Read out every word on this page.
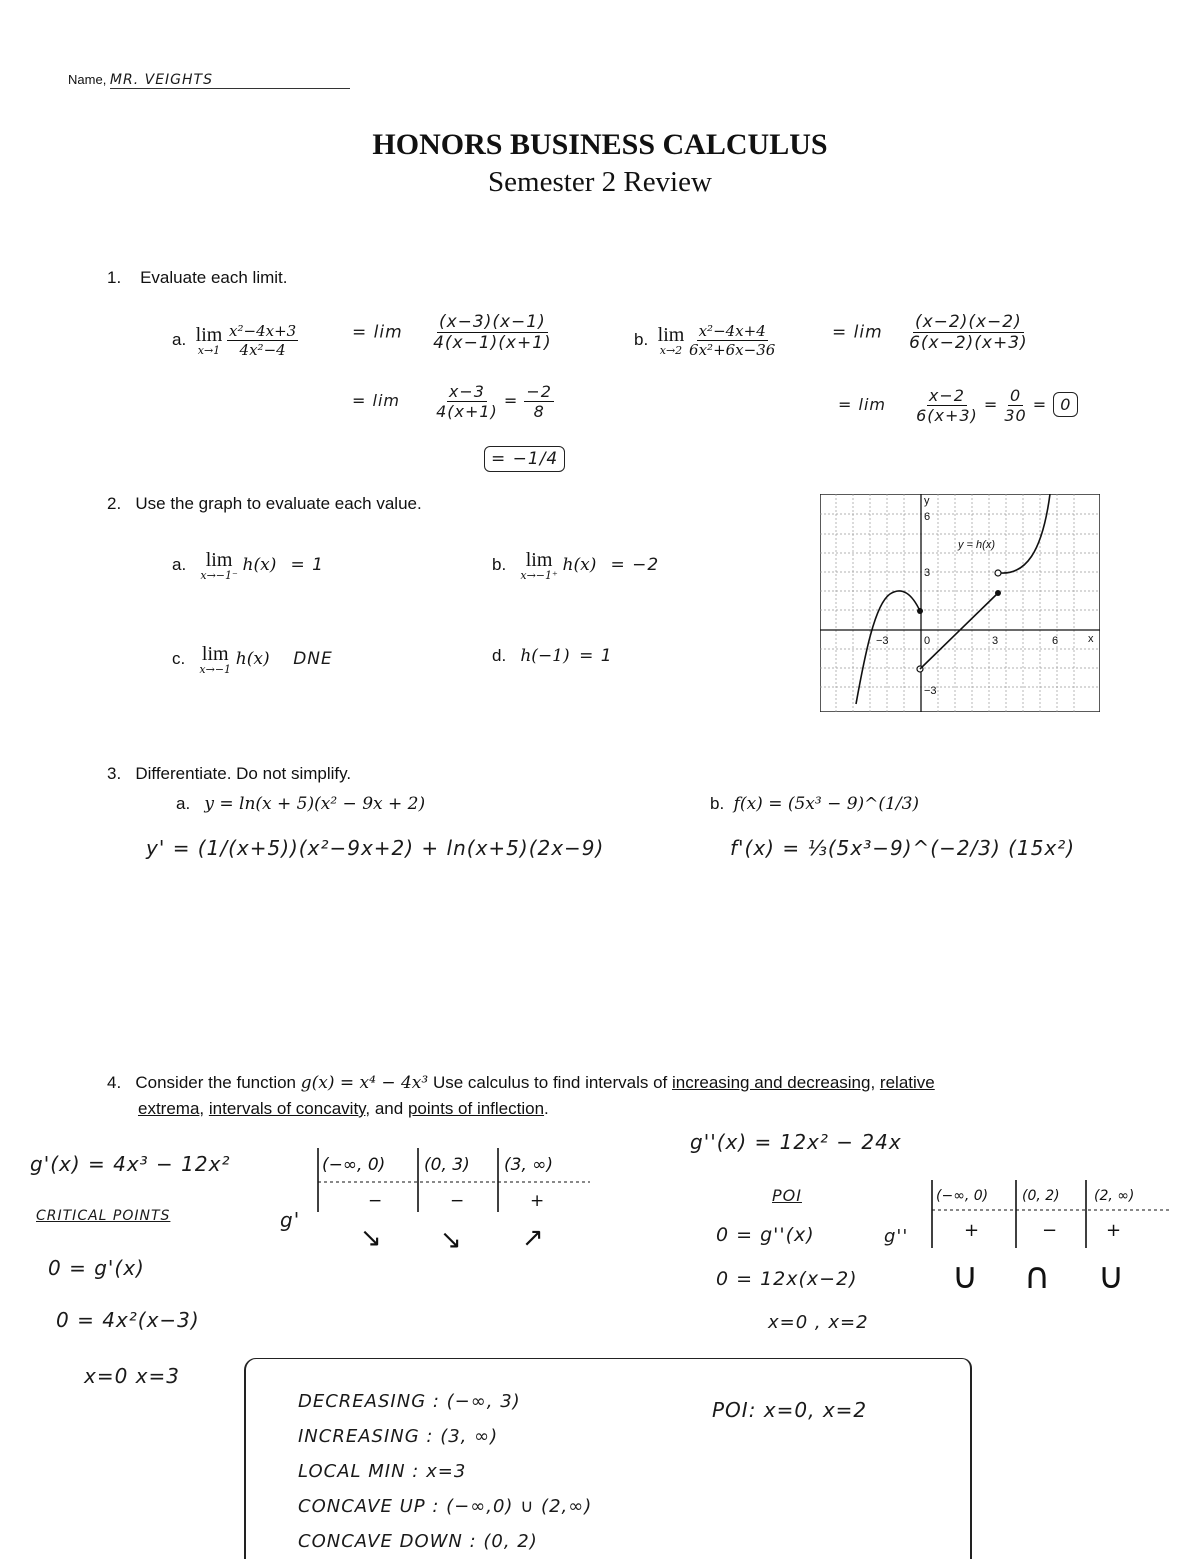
Name, MR. VEIGHTS
HONORS BUSINESS CALCULUS
Semester 2 Review
1. Evaluate each limit.
a. lim
x→1
$\frac{\text{x²−4x+3}}{\text{4x²−4}}$	= $\lim \frac{(x-3)(x-1)}{4(x-1)(x+1)}$
= $\lim \frac{x-3}{4(x+1)} = \frac{-2}{8}$
= −1/4
b. lim
x→2
$\frac{\text{x²−4x+4}}{\text{6x²+6x−36}}$	= $\lim \frac{(x-2)(x-2)}{6(x-2)(x+3)}$
= $\lim \frac{x-2}{6(x+3)} = \frac{0}{30} = 0$
2. Use the graph to evaluate each value.
a. lim
x→−1⁻
h(x) = 1	b. lim
x→−1⁺
h(x) = −2
c. lim
x→−1
h(x) DNE	d. h(−1) = 1
y
x
6
3
−3	0	3	6
−3
y = h(x)
3. Differentiate. Do not simplify.
a. y = ln(x + 5)(x² − 9x + 2)	b. f(x) = (5x³ − 9)^(1/3)
y' = (1/(x+5))(x²−9x+2) + ln(x+5)(2x−9)	f'(x) = ⅓(5x³−9)^(−2/3) (15x²)
4. Consider the function g(x) = x⁴ − 4x³ Use calculus to find intervals of increasing and decreasing, relative
extrema, intervals of concavity, and points of inflection.
g'(x) = 4x³ − 12x²
CRITICAL POINTS
0 = g'(x)
0 = 4x²(x−3)
x=0 x=3
g'
(−∞, 0) (0, 3) (3, ∞)
−	−	+
↘ ↘ ↗
g''(x) = 12x² − 24x
POI
0 = g''(x)
0 = 12x(x−2)
x=0 , x=2
g''
(−∞, 0) (0, 2) (2, ∞)
+	−	+
∪ ∩ ∪
DECREASING : (−∞, 3)
INCREASING : (3, ∞)
LOCAL MIN : x=3
CONCAVE UP : (−∞,0) ∪ (2,∞)
CONCAVE DOWN : (0, 2)
POI: x=0, x=2
